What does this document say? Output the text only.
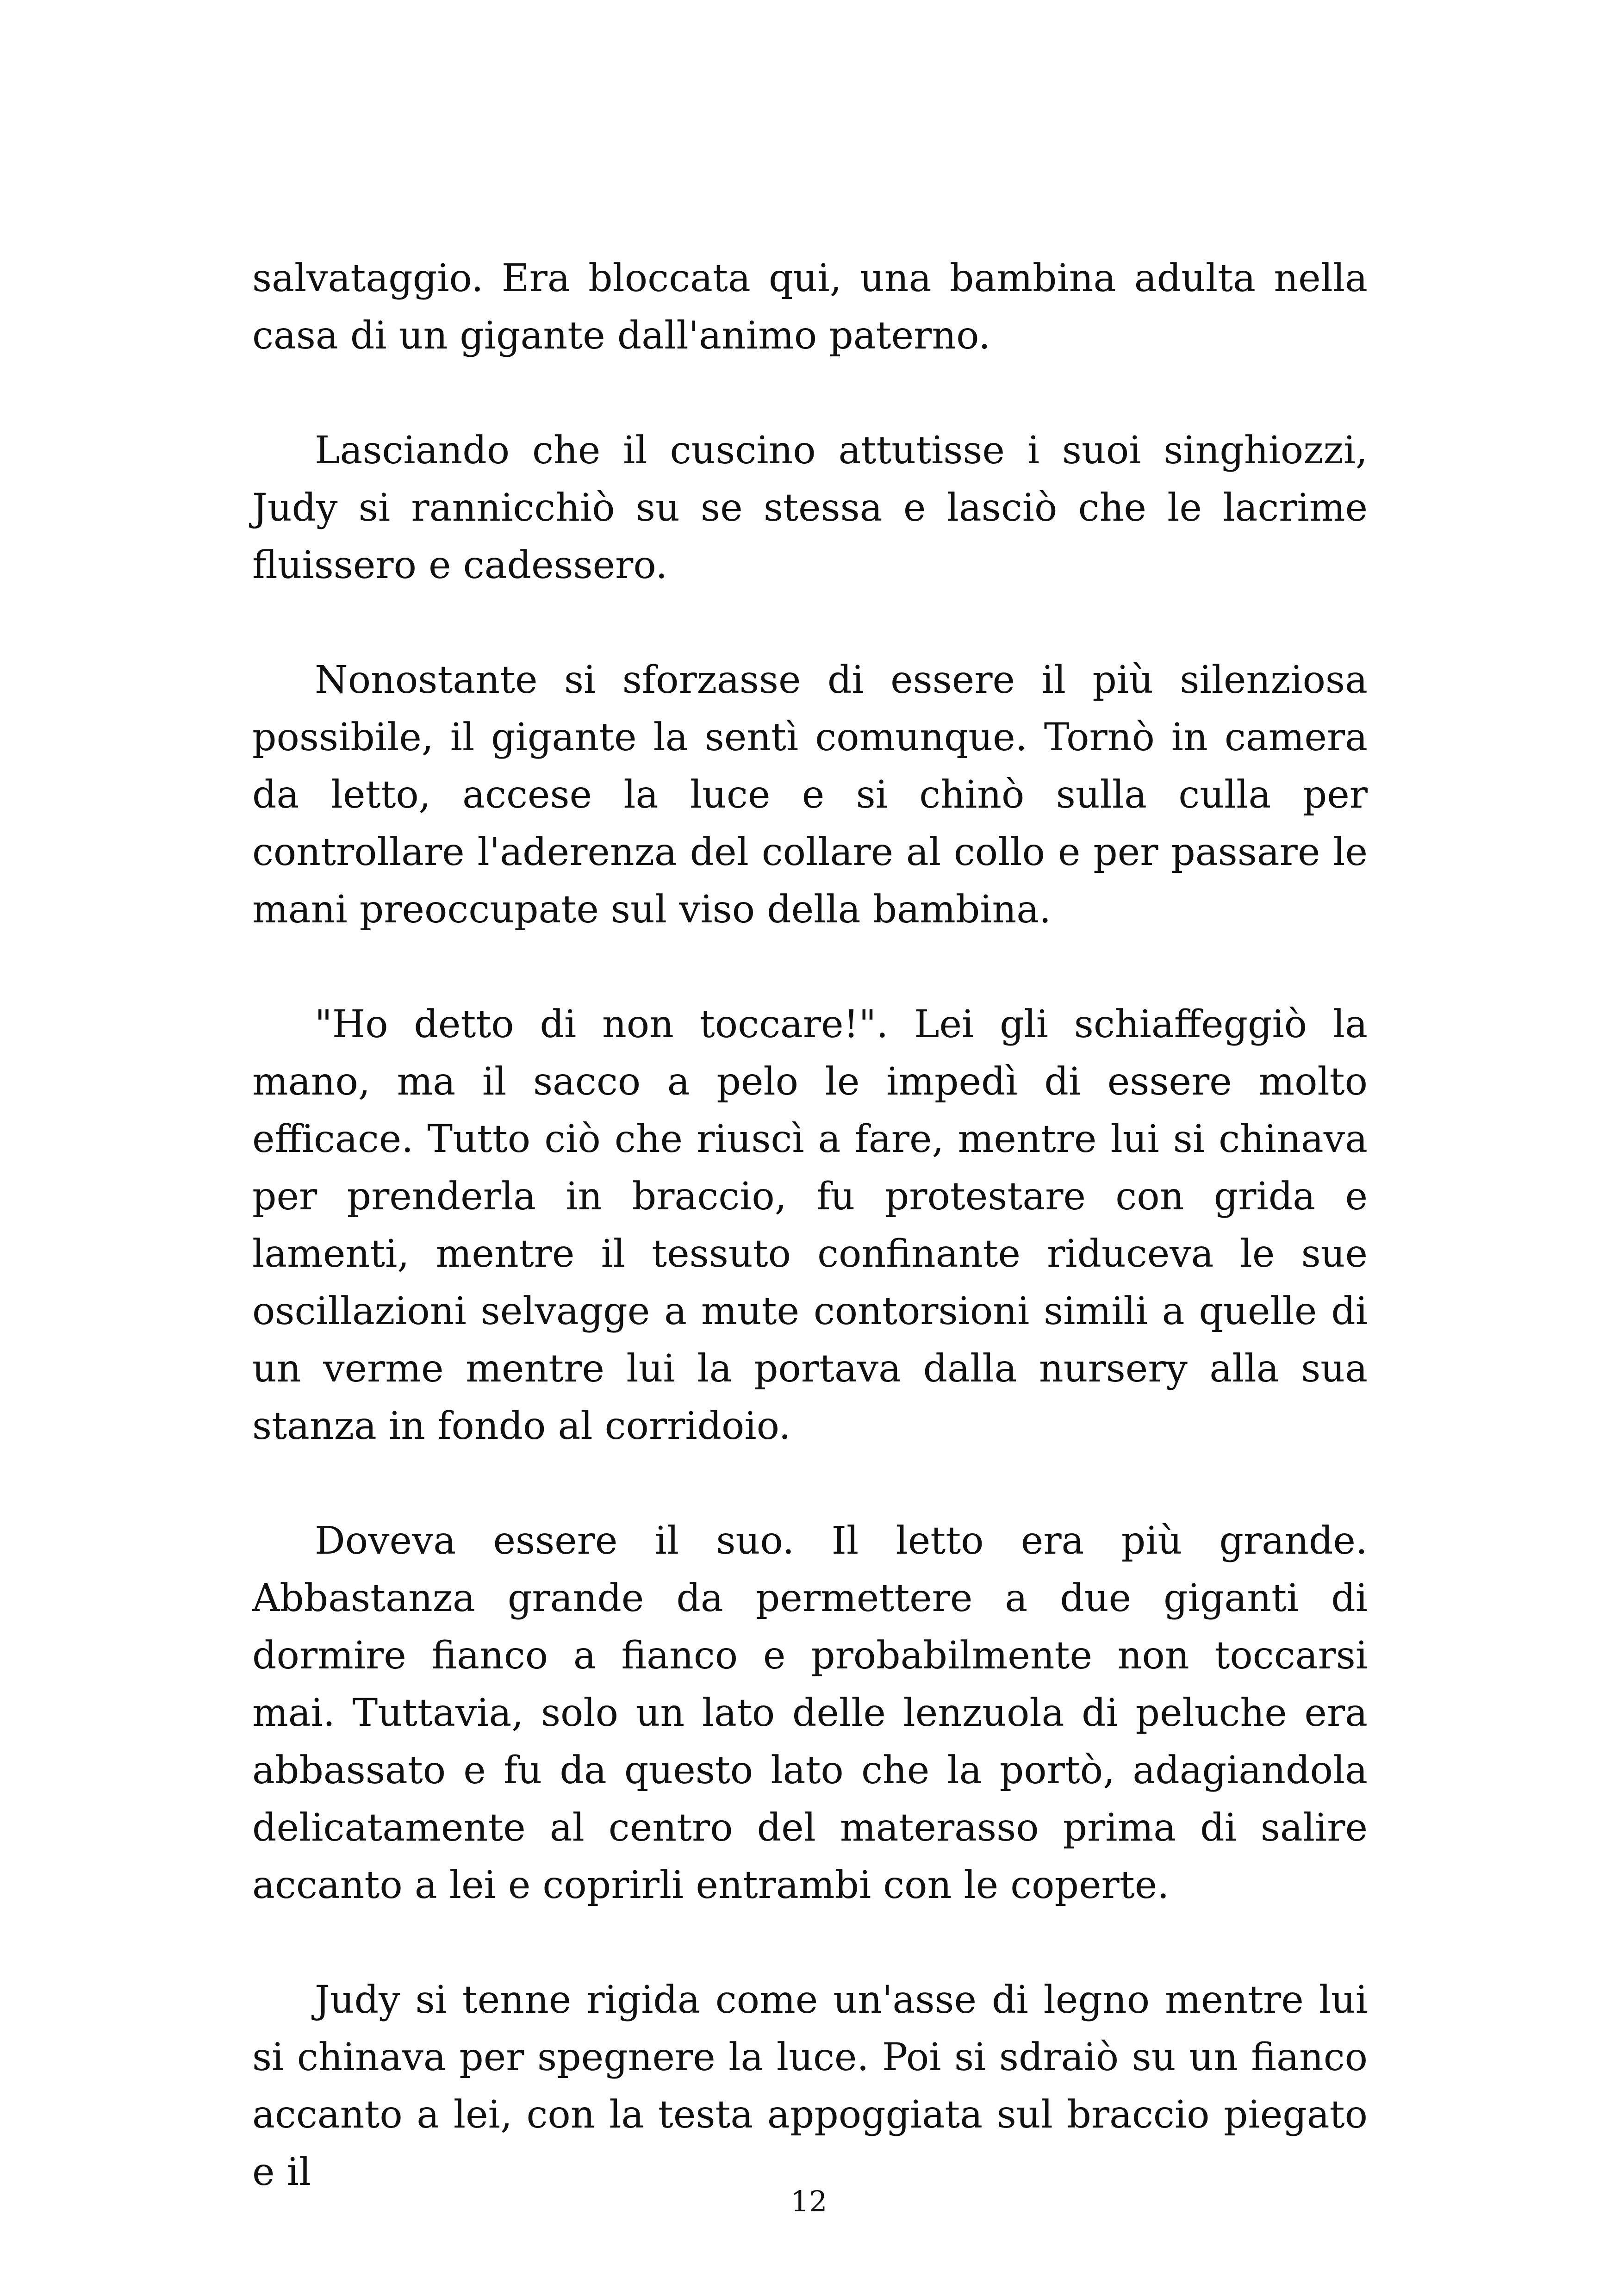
salvataggio. Era bloccata qui, una bambina adulta nella casa di un gigante dall'animo paterno.

Lasciando che il cuscino attutisse i suoi singhiozzi, Judy si rannicchiò su se stessa e lasciò che le lacrime fluissero e cadessero.

Nonostante si sforzasse di essere il più silenziosa possibile, il gigante la sentì comunque. Tornò in camera da letto, accese la luce e si chinò sulla culla per controllare l'aderenza del collare al collo e per passare le mani preoccupate sul viso della bambina.

"Ho detto di non toccare!". Lei gli schiaffeggiò la mano, ma il sacco a pelo le impedì di essere molto efficace. Tutto ciò che riuscì a fare, mentre lui si chinava per prenderla in braccio, fu protestare con grida e lamenti, mentre il tessuto confinante riduceva le sue oscillazioni selvagge a mute contorsioni simili a quelle di un verme mentre lui la portava dalla nursery alla sua stanza in fondo al corridoio.

Doveva essere il suo. Il letto era più grande. Abbastanza grande da permettere a due giganti di dormire fianco a fianco e probabilmente non toccarsi mai. Tuttavia, solo un lato delle lenzuola di peluche era abbassato e fu da questo lato che la portò, adagiandola delicatamente al centro del materasso prima di salire accanto a lei e coprirli entrambi con le coperte.

Judy si tenne rigida come un'asse di legno mentre lui si chinava per spegnere la luce. Poi si sdraiò su un fianco accanto a lei, con la testa appoggiata sul braccio piegato e il

12
